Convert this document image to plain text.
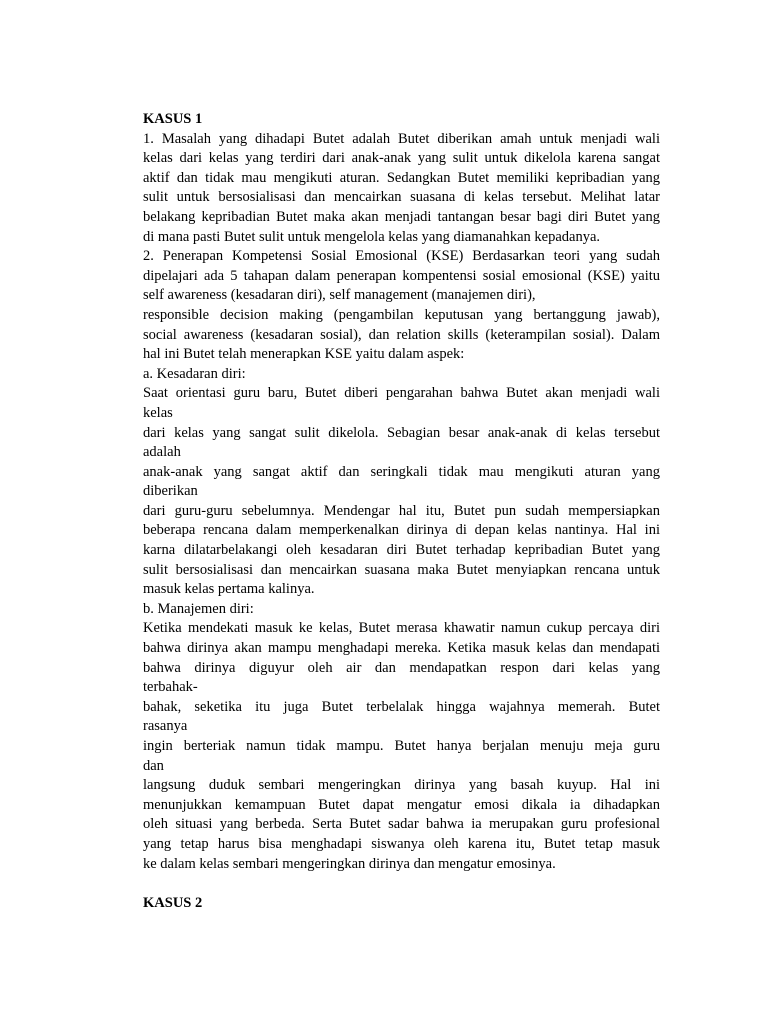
KASUS 1
1. Masalah yang dihadapi Butet adalah Butet diberikan amah untuk menjadi wali
kelas dari kelas yang terdiri dari anak-anak yang sulit untuk dikelola karena sangat
aktif dan tidak mau mengikuti aturan. Sedangkan Butet memiliki kepribadian yang
sulit untuk bersosialisasi dan mencairkan suasana di kelas tersebut. Melihat latar
belakang kepribadian Butet maka akan menjadi tantangan besar bagi diri Butet yang
di mana pasti Butet sulit untuk mengelola kelas yang diamanahkan kepadanya.
2. Penerapan Kompetensi Sosial Emosional (KSE) Berdasarkan teori yang sudah
dipelajari ada 5 tahapan dalam penerapan kompentensi sosial emosional (KSE) yaitu
self awareness (kesadaran diri), self management (manajemen diri),
responsible decision making (pengambilan keputusan yang bertanggung jawab),
social awareness (kesadaran sosial), dan relation skills (keterampilan sosial). Dalam
hal ini Butet telah menerapkan KSE yaitu dalam aspek:
a. Kesadaran diri:
Saat orientasi guru baru, Butet diberi pengarahan bahwa Butet akan menjadi wali
kelas
dari kelas yang sangat sulit dikelola. Sebagian besar anak-anak di kelas tersebut
adalah
anak-anak yang sangat aktif dan seringkali tidak mau mengikuti aturan yang
diberikan
dari guru-guru sebelumnya. Mendengar hal itu, Butet pun sudah mempersiapkan
beberapa rencana dalam memperkenalkan dirinya di depan kelas nantinya. Hal ini
karna dilatarbelakangi oleh kesadaran diri Butet terhadap kepribadian Butet yang
sulit bersosialisasi dan mencairkan suasana maka Butet menyiapkan rencana untuk
masuk kelas pertama kalinya.
b. Manajemen diri:
Ketika mendekati masuk ke kelas, Butet merasa khawatir namun cukup percaya diri
bahwa dirinya akan mampu menghadapi mereka. Ketika masuk kelas dan mendapati
bahwa dirinya diguyur oleh air dan mendapatkan respon dari kelas yang
terbahak-
bahak, seketika itu juga Butet terbelalak hingga wajahnya memerah. Butet
rasanya
ingin berteriak namun tidak mampu. Butet hanya berjalan menuju meja guru
dan
langsung duduk sembari mengeringkan dirinya yang basah kuyup. Hal ini
menunjukkan kemampuan Butet dapat mengatur emosi dikala ia dihadapkan
oleh situasi yang berbeda. Serta Butet sadar bahwa ia merupakan guru profesional
yang tetap harus bisa menghadapi siswanya oleh karena itu, Butet tetap masuk
ke dalam kelas sembari mengeringkan dirinya dan mengatur emosinya.
KASUS 2
